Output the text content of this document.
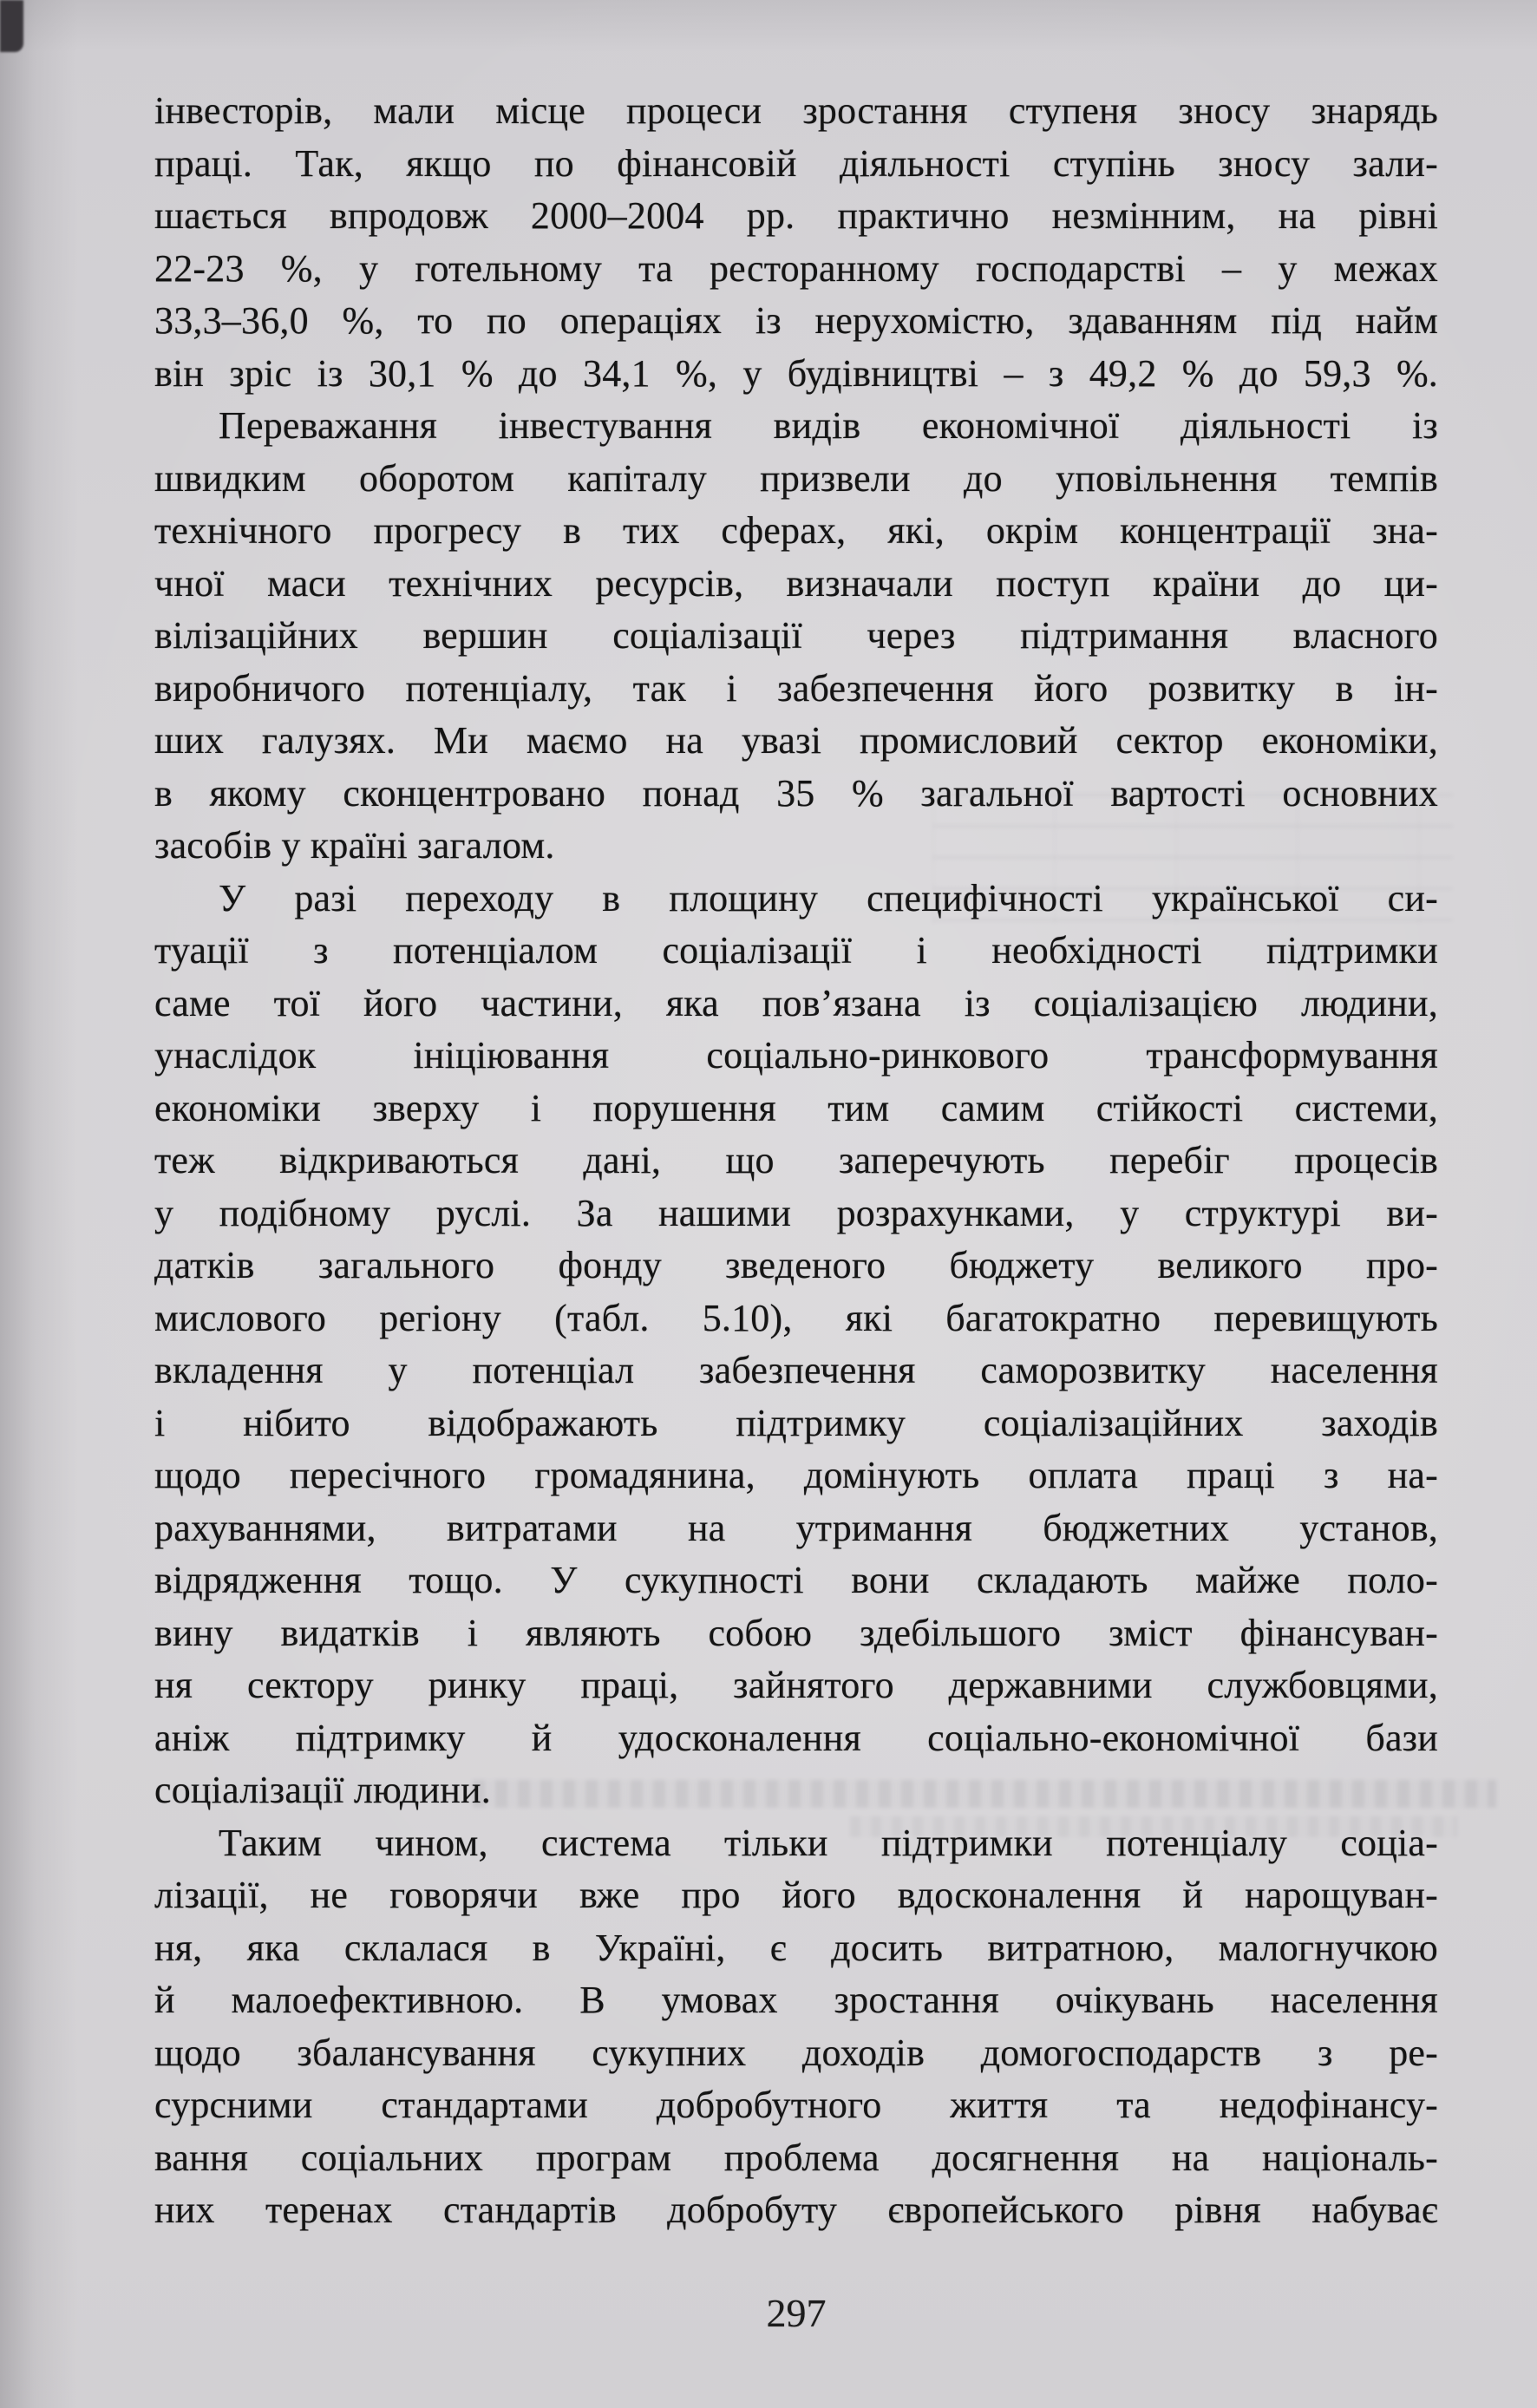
інвесторів, мали місце процеси зростання ступеня зносу знарядь
праці. Так, якщо по фінансовій діяльності ступінь зносу зали-
шається впродовж 2000–2004 рр. практично незмінним, на рівні
22-23 %, у готельному та ресторанному господарстві – у межах
33,3–36,0 %, то по операціях із нерухомістю, здаванням під найм
він зріс із 30,1 % до 34,1 %, у будівництві – з 49,2 % до 59,3 %.

Переважання інвестування видів економічної діяльності із
швидким оборотом капіталу призвели до уповільнення темпів
технічного прогресу в тих сферах, які, окрім концентрації зна-
чної маси технічних ресурсів, визначали поступ країни до ци-
вілізаційних вершин соціалізації через підтримання власного
виробничого потенціалу, так і забезпечення його розвитку в ін-
ших галузях. Ми маємо на увазі промисловий сектор економіки,
в якому сконцентровано понад 35 % загальної вартості основних
засобів у країні загалом.

У разі переходу в площину специфічності української си-
туації з потенціалом соціалізації і необхідності підтримки
саме тої його частини, яка пов’язана із соціалізацією людини,
унаслідок ініціювання соціально-ринкового трансформування
економіки зверху і порушення тим самим стійкості системи,
теж відкриваються дані, що заперечують перебіг процесів
у подібному руслі. За нашими розрахунками, у структурі ви-
датків загального фонду зведеного бюджету великого про-
мислового регіону (табл. 5.10), які багатократно перевищують
вкладення у потенціал забезпечення саморозвитку населення
і нібито відображають підтримку соціалізаційних заходів
щодо пересічного громадянина, домінують оплата праці з на-
рахуваннями, витратами на утримання бюджетних установ,
відрядження тощо. У сукупності вони складають майже поло-
вину видатків і являють собою здебільшого зміст фінансуван-
ня сектору ринку праці, зайнятого державними службовцями,
аніж підтримку й удосконалення соціально-економічної бази
соціалізації людини.

Таким чином, система тільки підтримки потенціалу соціа-
лізації, не говорячи вже про його вдосконалення й нарощуван-
ня, яка склалася в Україні, є досить витратною, малогнучкою
й малоефективною. В умовах зростання очікувань населення
щодо збалансування сукупних доходів домогосподарств з ре-
сурсними стандартами добробутного життя та недофінансу-
вання соціальних програм проблема досягнення на національ-
них теренах стандартів добробуту європейського рівня набуває

297
